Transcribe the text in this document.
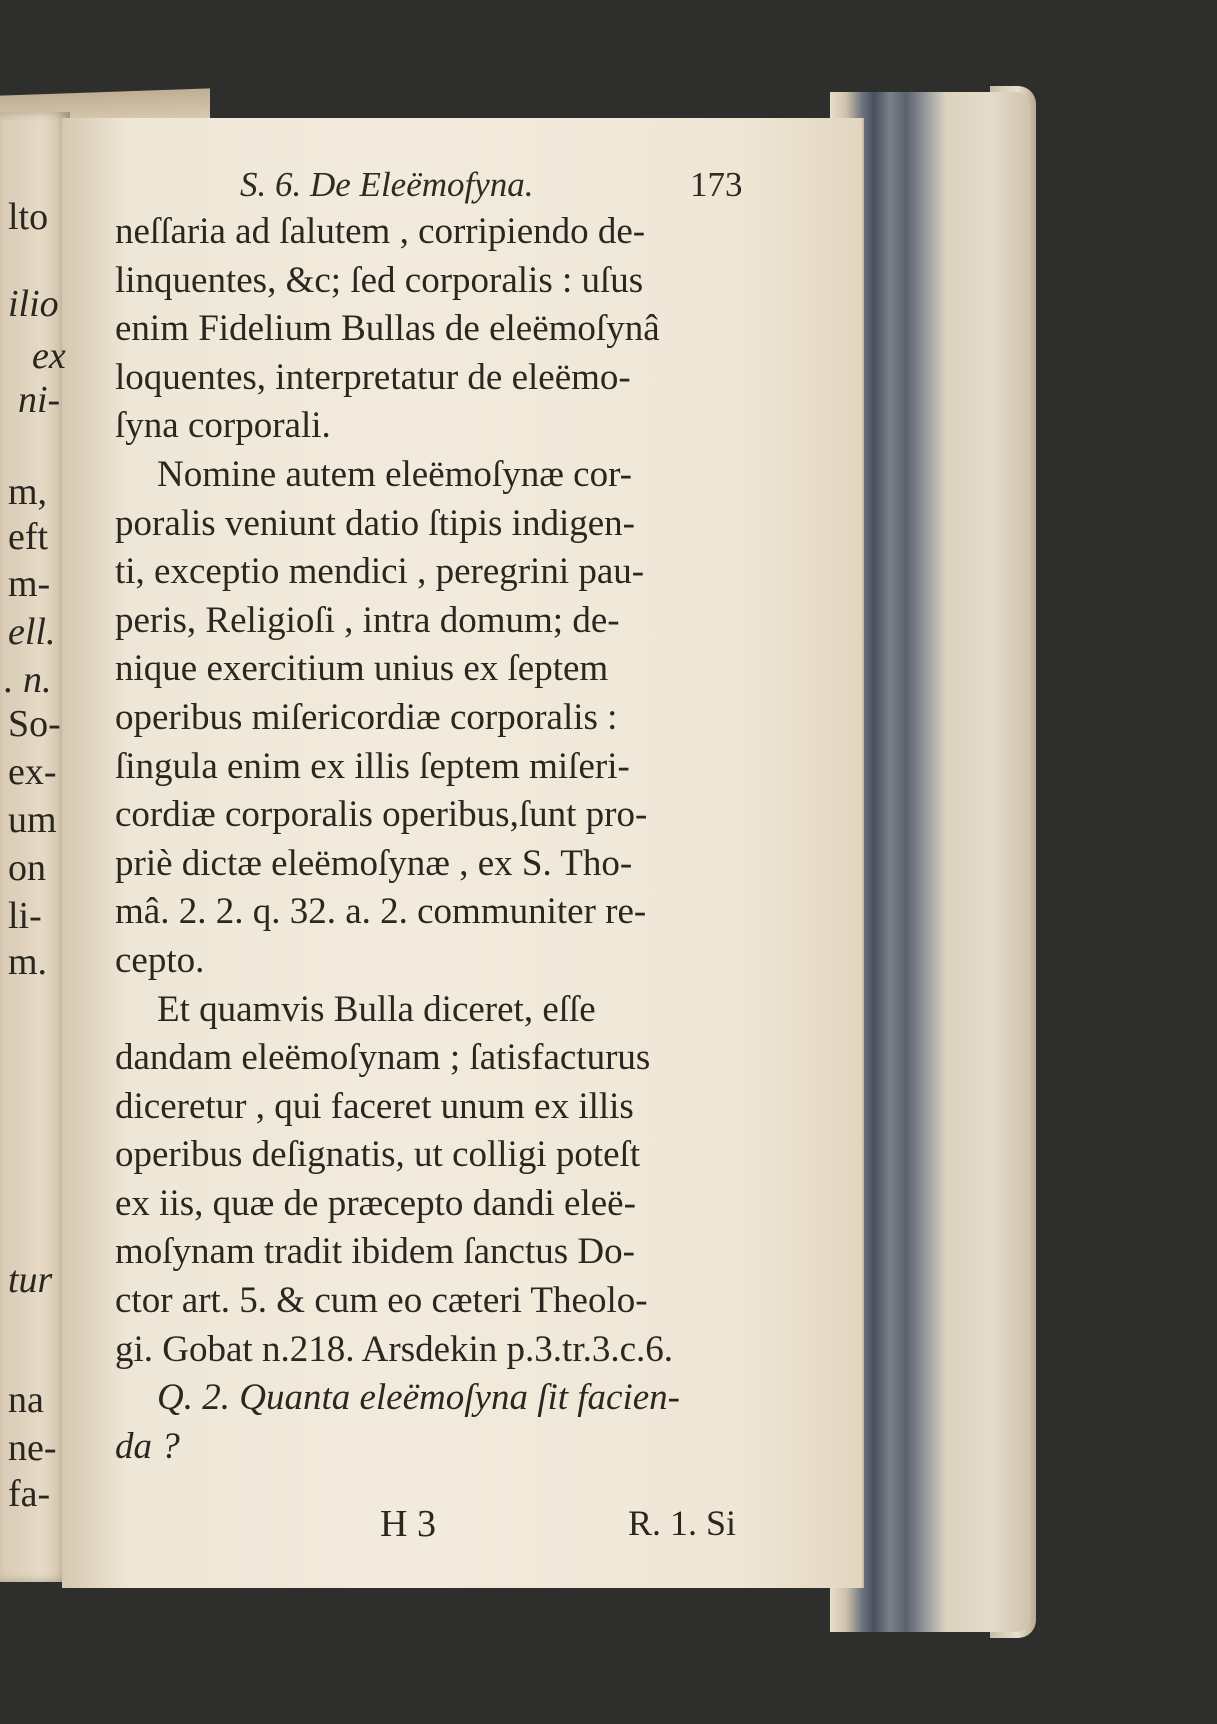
lto
ilio
ex
ni-
m,
eft
m-
ell.
. n.
So-
ex-
um
on
li-
m.
tur
na
ne-
fa-
S. 6. De Eleëmofyna.	173
neſſaria ad ſalutem , corripiendo de-
linquentes, &c; ſed corporalis : uſus
enim Fidelium Bullas de eleëmoſynâ
loquentes, interpretatur de eleëmo-
ſyna corporali.
Nomine autem eleëmoſynæ cor-
poralis veniunt datio ſtipis indigen-
ti, exceptio mendici , peregrini pau-
peris, Religioſi , intra domum; de-
nique exercitium unius ex ſeptem
operibus miſericordiæ corporalis :
ſingula enim ex illis ſeptem miſeri-
cordiæ corporalis operibus,ſunt pro-
priè dictæ eleëmoſynæ , ex S. Tho-
mâ. 2. 2. q. 32. a. 2. communiter re-
cepto.
Et quamvis Bulla diceret, eſſe
dandam eleëmoſynam ; ſatisfacturus
diceretur , qui faceret unum ex illis
operibus deſignatis, ut colligi poteſt
ex iis, quæ de præcepto dandi eleë-
moſynam tradit ibidem ſanctus Do-
ctor art. 5. & cum eo cæteri Theolo-
gi. Gobat n.218. Arsdekin p.3.tr.3.c.6.
Q. 2. Quanta eleëmoſyna ſit facien-
da ?
H 3	R. 1. Si
